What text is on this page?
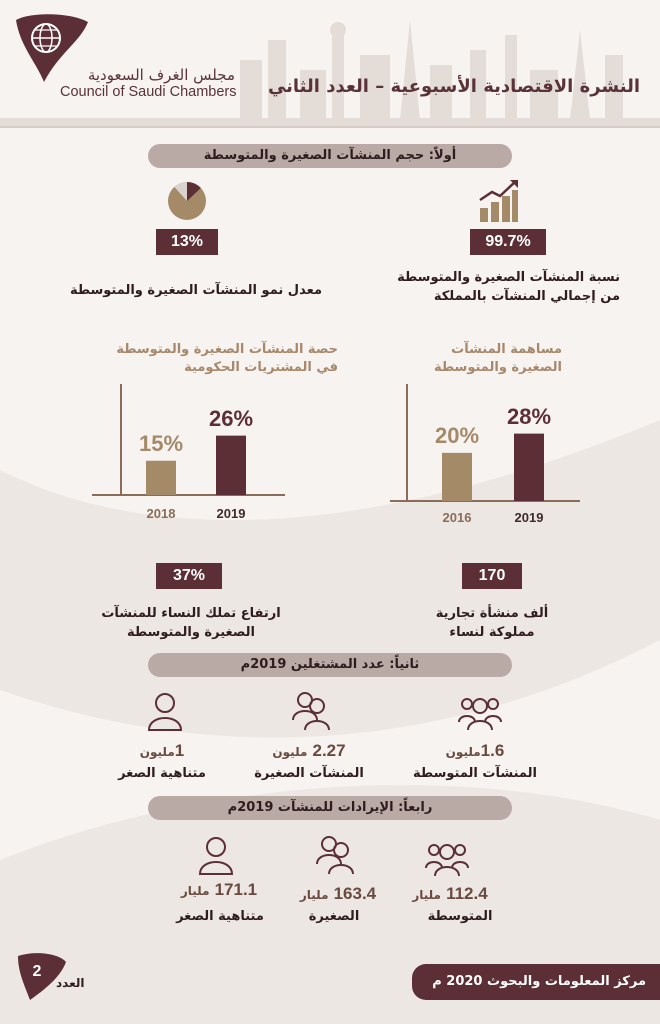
مجلس الغرف السعودية
Council of Saudi Chambers النشرة الاقتصادية الأسبوعية – العدد الثاني
أولاً: حجم المنشآت الصغيرة والمتوسطة
99.7%
13%
نسبة المنشآت الصغيرة والمتوسطة
من إجمالي المنشآت بالمملكة
معدل نمو المنشآت الصغيرة والمتوسطة
مساهمة المنشآت
الصغيرة والمتوسطة
حصة المنشآت الصغيرة والمتوسطة
في المشتريات الحكومية
20%
2016
28%
2019
15%
2018
26%
2019
170
37%
ألف منشأة تجارية
مملوكة لنساء
ارتفاع تملك النساء للمنشآت
الصغيرة والمتوسطة
ثانياً: عدد المشتغلين 2019م
1.6مليون
2.27 مليون
1مليون
المنشآت المتوسطة
المنشآت الصغيرة
متناهية الصغر
رابعاً: الإيرادات للمنشآت 2019م
112.4 مليار
163.4 مليار
171.1 مليار
المتوسطة
الصغيرة
متناهية الصغر
2
العدد	مركز المعلومات والبحوث 2020 م
